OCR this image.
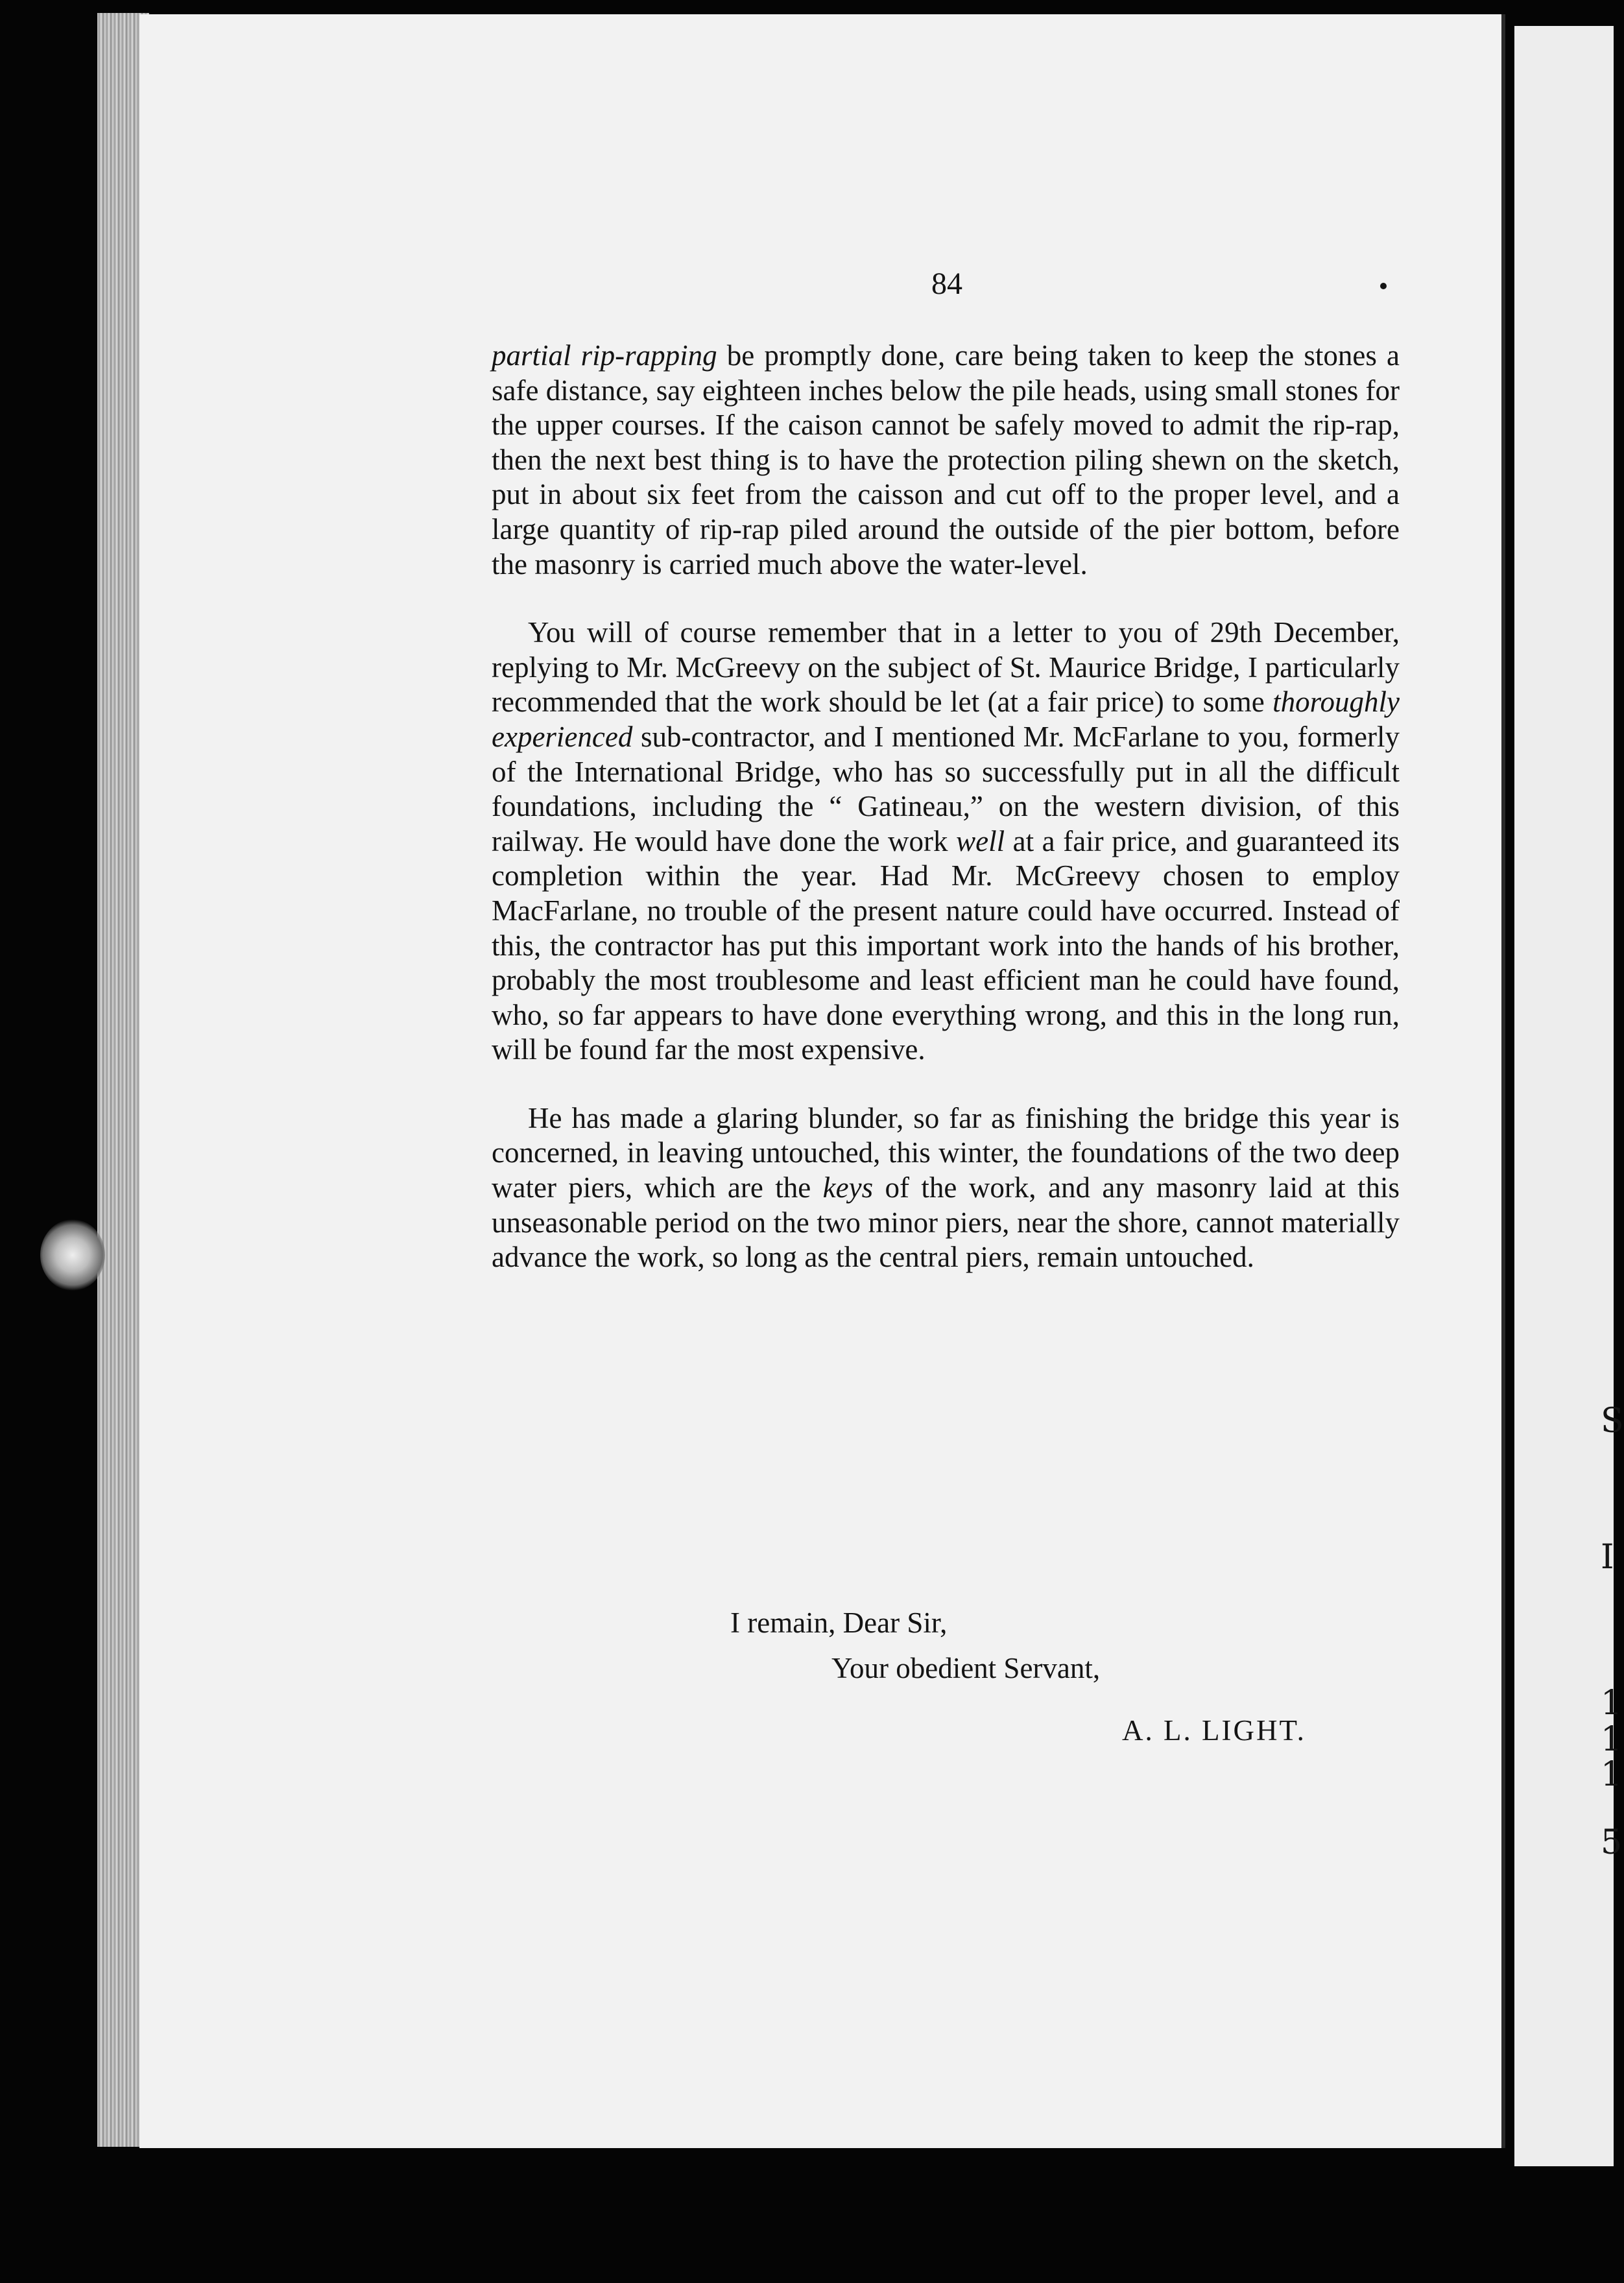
S
I
1
1
1
5
84

partial rip-rapping be promptly done, care being taken to keep the stones a safe distance, say eighteen inches below the pile heads, using small stones for the upper courses. If the caison cannot be safely moved to admit the rip-rap, then the next best thing is to have the protection piling shewn on the sketch, put in about six feet from the caisson and cut off to the proper level, and a large quantity of rip-rap piled around the outside of the pier bottom, before the masonry is carried much above the water-level.

You will of course remember that in a letter to you of 29th December, replying to Mr. McGreevy on the subject of St. Maurice Bridge, I particularly recommended that the work should be let (at a fair price) to some thoroughly experienced sub-contractor, and I mentioned Mr. McFarlane to you, formerly of the International Bridge, who has so successfully put in all the difficult foundations, including the “ Gatineau,” on the western division, of this railway. He would have done the work well at a fair price, and guaranteed its completion within the year. Had Mr. McGreevy chosen to employ MacFarlane, no trouble of the present nature could have occurred. Instead of this, the contractor has put this important work into the hands of his brother, probably the most troublesome and least efficient man he could have found, who, so far appears to have done everything wrong, and this in the long run, will be found far the most expensive.

He has made a glaring blunder, so far as finishing the bridge this year is concerned, in leaving untouched, this winter, the foundations of the two deep water piers, which are the keys of the work, and any masonry laid at this unseasonable period on the two minor piers, near the shore, cannot materially advance the work, so long as the central piers, remain untouched.

I remain, Dear Sir,
Your obedient Servant,
A. L. LIGHT.
